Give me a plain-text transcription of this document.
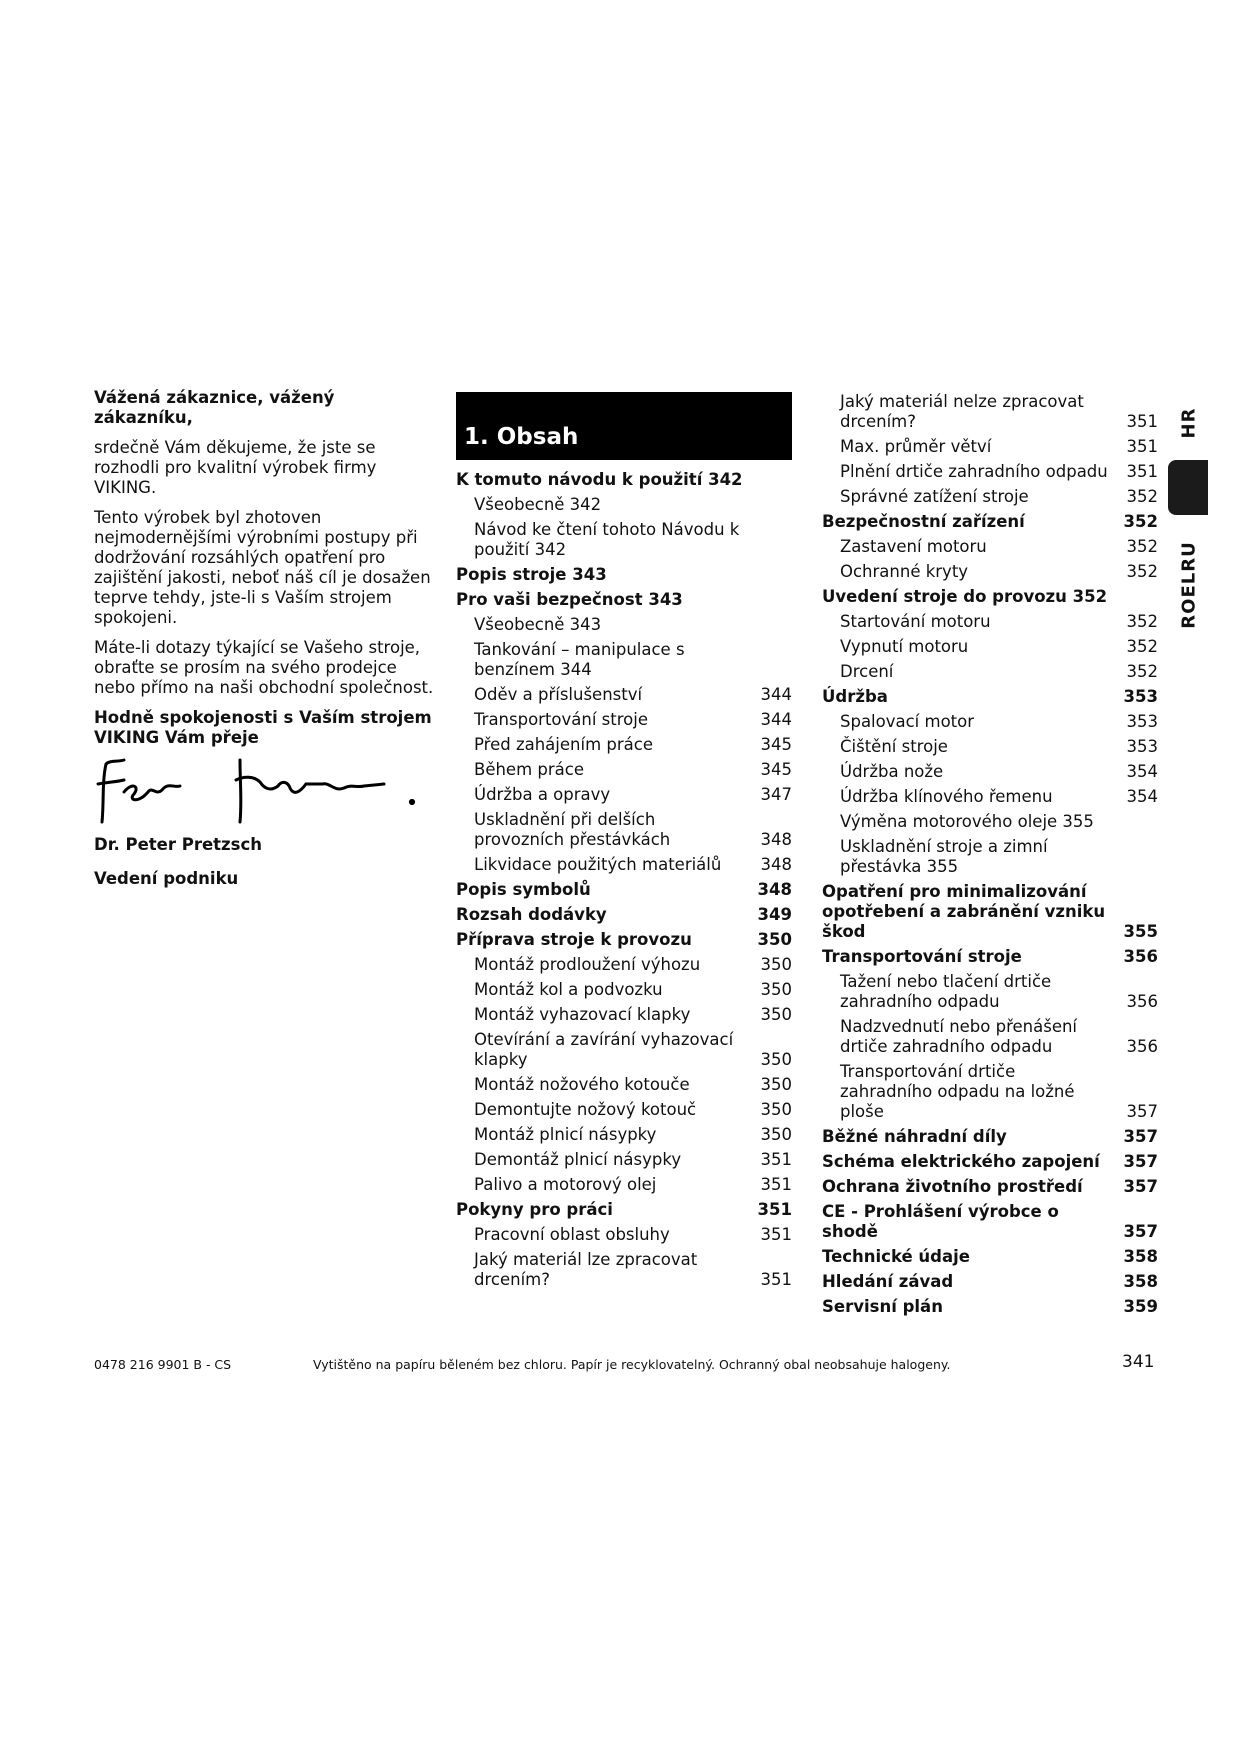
Vážená zákaznice, vážený zákazníku,

srdečně Vám děkujeme, že jste se rozhodli pro kvalitní výrobek firmy VIKING.

Tento výrobek byl zhotoven nejmodernějšími výrobními postupy při dodržování rozsáhlých opatření pro zajištění jakosti, neboť náš cíl je dosažen teprve tehdy, jste-li s Vaším strojem spokojeni.

Máte-li dotazy týkající se Vašeho stroje, obraťte se prosím na svého prodejce nebo přímo na naši obchodní společnost.

Hodně spokojenosti s Vaším strojem VIKING Vám přeje

Dr. Peter Pretzsch
Vedení podniku
1. Obsah
K tomuto návodu k použití 342
Všeobecně 342
Návod ke čtení tohoto Návodu k použití 342
Popis stroje 343
Pro vaši bezpečnost 343
Všeobecně 343
Tankování – manipulace s benzínem 344
Oděv a příslušenství	344
Transportování stroje	344
Před zahájením práce	345
Během práce	345
Údržba a opravy	347
Uskladnění při delších provozních přestávkách	348
Likvidace použitých materiálů	348
Popis symbolů	348
Rozsah dodávky	349
Příprava stroje k provozu	350
Montáž prodloužení výhozu	350
Montáž kol a podvozku	350
Montáž vyhazovací klapky	350
Otevírání a zavírání vyhazovací klapky	350
Montáž nožového kotouče	350
Demontujte nožový kotouč	350
Montáž plnicí násypky	350
Demontáž plnicí násypky	351
Palivo a motorový olej	351
Pokyny pro práci	351
Pracovní oblast obsluhy	351
Jaký materiál lze zpracovat drcením?	351
Jaký materiál nelze zpracovat drcením?	351
Max. průměr větví	351
Plnění drtiče zahradního odpadu	351
Správné zatížení stroje	352
Bezpečnostní zařízení	352
Zastavení motoru	352
Ochranné kryty	352
Uvedení stroje do provozu 352
Startování motoru	352
Vypnutí motoru	352
Drcení	352
Údržba	353
Spalovací motor	353
Čištění stroje	353
Údržba nože	354
Údržba klínového řemenu	354
Výměna motorového oleje 355
Uskladnění stroje a zimní přestávka 355
Opatření pro minimalizování opotřebení a zabránění vzniku škod	355
Transportování stroje	356
Tažení nebo tlačení drtiče zahradního odpadu	356
Nadzvednutí nebo přenášení drtiče zahradního odpadu	356
Transportování drtiče zahradního odpadu na ložné ploše	357
Běžné náhradní díly	357
Schéma elektrického zapojení	357
Ochrana životního prostředí	357
CE - Prohlášení výrobce o shodě	357
Technické údaje	358
Hledání závad	358
Servisní plán	359
HR
ROELRU
0478 216 9901 B - CS	Vytištěno na papíru běleném bez chloru. Papír je recyklovatelný. Ochranný obal neobsahuje halogeny.	341
